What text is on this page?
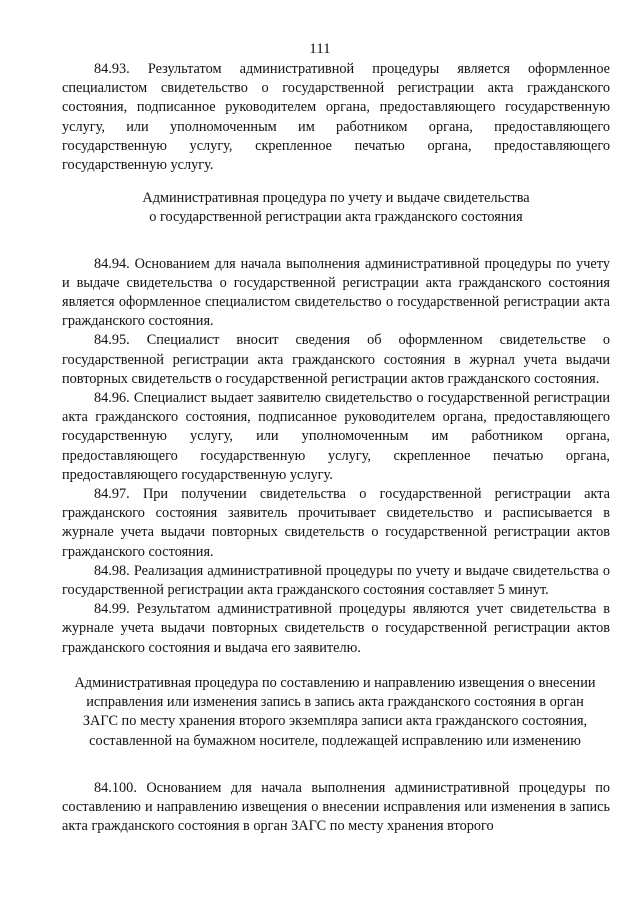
111

84.93. Результатом административной процедуры является оформленное специалистом свидетельство о государственной регистрации акта гражданского состояния, подписанное руководителем органа, предоставляющего государственную услугу, или уполномоченным им работником органа, предоставляющего государственную услугу, скрепленное печатью органа, предоставляющего государственную услугу.

Административная процедура по учету и выдаче свидетельства
о государственной регистрации акта гражданского состояния

84.94. Основанием для начала выполнения административной процедуры по учету и выдаче свидетельства о государственной регистрации акта гражданского состояния является оформленное специалистом свидетельство о государственной регистрации акта гражданского состояния.

84.95. Специалист вносит сведения об оформленном свидетельстве о государственной регистрации акта гражданского состояния в журнал учета выдачи повторных свидетельств о государственной регистрации актов гражданского состояния.

84.96. Специалист выдает заявителю свидетельство о государственной регистрации акта гражданского состояния, подписанное руководителем органа, предоставляющего государственную услугу, или уполномоченным им работником органа, предоставляющего государственную услугу, скрепленное печатью органа, предоставляющего государственную услугу.

84.97. При получении свидетельства о государственной регистрации акта гражданского состояния заявитель прочитывает свидетельство и расписывается в журнале учета выдачи повторных свидетельств о государственной регистрации актов гражданского состояния.

84.98. Реализация административной процедуры по учету и выдаче свидетельства о государственной регистрации акта гражданского состояния составляет 5 минут.

84.99. Результатом административной процедуры являются учет свидетельства в журнале учета выдачи повторных свидетельств о государственной регистрации актов гражданского состояния и выдача его заявителю.

Административная процедура по составлению и направлению извещения о внесении
исправления или изменения запись в запись акта гражданского состояния в орган
ЗАГС по месту хранения второго экземпляра записи акта гражданского состояния,
составленной на бумажном носителе, подлежащей исправлению или изменению

84.100. Основанием для начала выполнения административной процедуры по составлению и направлению извещения о внесении исправления или изменения в запись акта гражданского состояния в орган ЗАГС по месту хранения второго
